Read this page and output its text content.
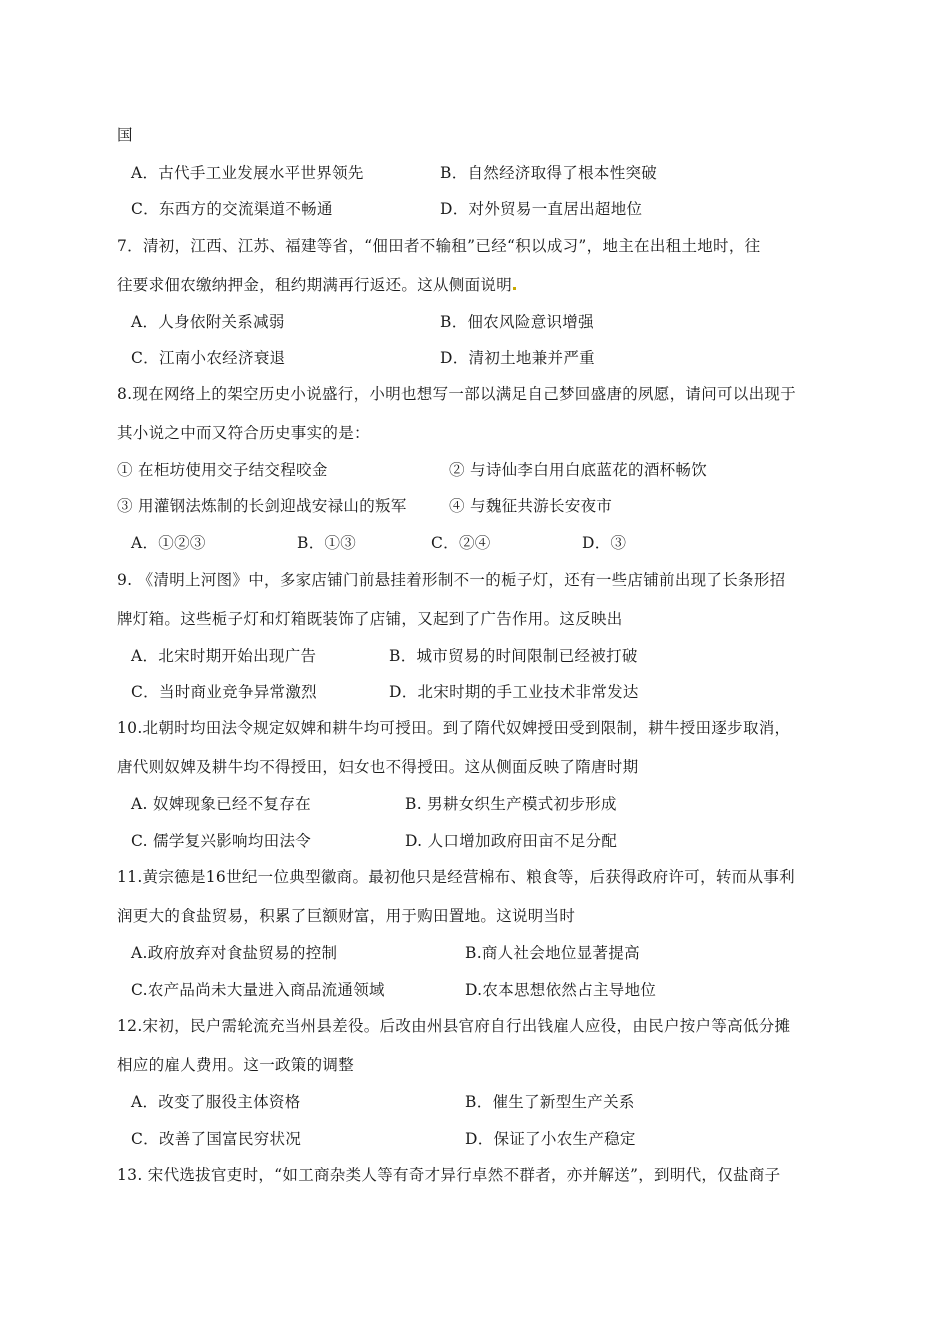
国
A．古代手工业发展水平世界领先	B．自然经济取得了根本性突破
C．东西方的交流渠道不畅通	D．对外贸易一直居出超地位
7．清初，江西、江苏、福建等省，“佃田者不输租”已经“积以成习”，地主在出租土地时，往
往要求佃农缴纳押金，租约期满再行返还。这从侧面说明
A．人身依附关系减弱	B．佃农风险意识增强
C．江南小农经济衰退	D．清初土地兼并严重
8.现在网络上的架空历史小说盛行，小明也想写一部以满足自己梦回盛唐的夙愿，请问可以出现于
其小说之中而又符合历史事实的是：
① 在柜坊使用交子结交程咬金	② 与诗仙李白用白底蓝花的酒杯畅饮
③ 用灌钢法炼制的长剑迎战安禄山的叛军	④ 与魏征共游长安夜市
A．①②③	B．①③	C．②④	D．③
9. 《清明上河图》中，多家店铺门前悬挂着形制不一的栀子灯，还有一些店铺前出现了长条形招
牌灯箱。这些栀子灯和灯箱既装饰了店铺，又起到了广告作用。这反映出
A．北宋时期开始出现广告	B．城市贸易的时间限制已经被打破
C．当时商业竞争异常激烈	D．北宋时期的手工业技术非常发达
10.北朝时均田法令规定奴婢和耕牛均可授田。到了隋代奴婢授田受到限制，耕牛授田逐步取消，
唐代则奴婢及耕牛均不得授田，妇女也不得授田。这从侧面反映了隋唐时期
A. 奴婢现象已经不复存在	B. 男耕女织生产模式初步形成
C. 儒学复兴影响均田法令	D. 人口增加政府田亩不足分配
11.黄宗德是16世纪一位典型徽商。最初他只是经营棉布、粮食等，后获得政府许可，转而从事利
润更大的食盐贸易，积累了巨额财富，用于购田置地。这说明当时
A.政府放弃对食盐贸易的控制	B.商人社会地位显著提高
C.农产品尚未大量进入商品流通领域	D.农本思想依然占主导地位
12.宋初，民户需轮流充当州县差役。后改由州县官府自行出钱雇人应役，由民户按户等高低分摊
相应的雇人费用。这一政策的调整
A．改变了服役主体资格	B．催生了新型生产关系
C．改善了国富民穷状况	D．保证了小农生产稳定
13. 宋代选拔官吏时，“如工商杂类人等有奇才异行卓然不群者，亦并解送”，到明代，仅盐商子
